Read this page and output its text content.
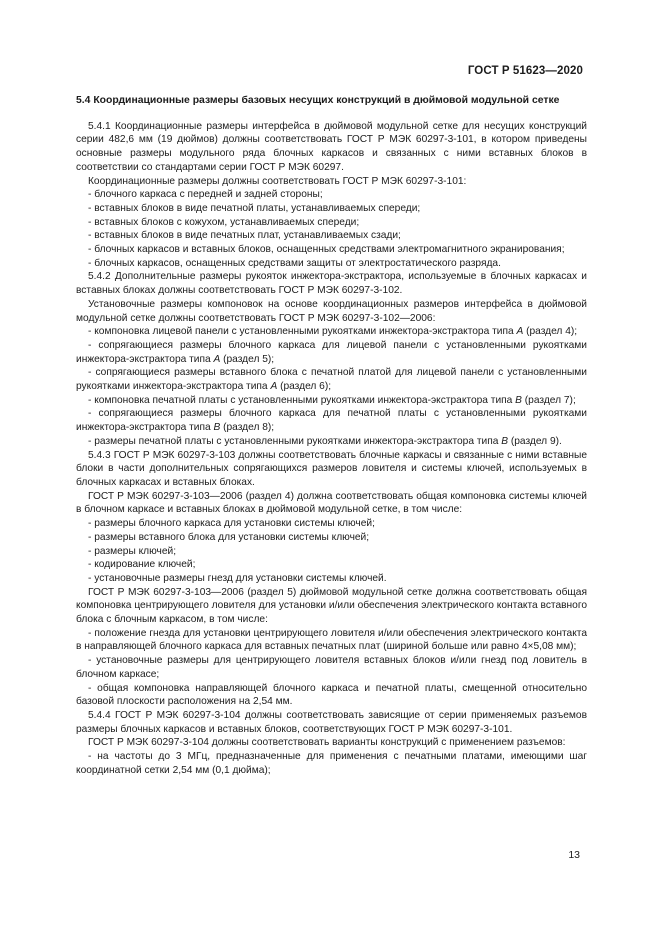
ГОСТ Р 51623—2020
5.4 Координационные размеры базовых несущих конструкций в дюймовой модульной сетке
5.4.1 Координационные размеры интерфейса в дюймовой модульной сетке для несущих конструкций серии 482,6 мм (19 дюймов) должны соответствовать ГОСТ Р МЭК 60297-3-101, в котором приведены основные размеры модульного ряда блочных каркасов и связанных с ними вставных блоков в соответствии со стандартами серии ГОСТ Р МЭК 60297.
Координационные размеры должны соответствовать ГОСТ Р МЭК 60297-3-101:
- блочного каркаса с передней и задней стороны;
- вставных блоков в виде печатной платы, устанавливаемых спереди;
- вставных блоков с кожухом, устанавливаемых спереди;
- вставных блоков в виде печатных плат, устанавливаемых сзади;
- блочных каркасов и вставных блоков, оснащенных средствами электромагнитного экранирования;
- блочных каркасов, оснащенных средствами защиты от электростатического разряда.
5.4.2 Дополнительные размеры рукояток инжектора-экстрактора, используемые в блочных каркасах и вставных блоках должны соответствовать ГОСТ Р МЭК 60297-3-102.
Установочные размеры компоновок на основе координационных размеров интерфейса в дюймовой модульной сетке должны соответствовать ГОСТ Р МЭК 60297-3-102—2006:
- компоновка лицевой панели с установленными рукоятками инжектора-экстрактора типа A (раздел 4);
- сопрягающиеся размеры блочного каркаса для лицевой панели с установленными рукоятками инжектора-экстрактора типа A (раздел 5);
- сопрягающиеся размеры вставного блока с печатной платой для лицевой панели с установленными рукоятками инжектора-экстрактора типа A (раздел 6);
- компоновка печатной платы с установленными рукоятками инжектора-экстрактора типа B (раздел 7);
- сопрягающиеся размеры блочного каркаса для печатной платы с установленными рукоятками инжектора-экстрактора типа B (раздел 8);
- размеры печатной платы с установленными рукоятками инжектора-экстрактора типа B (раздел 9).
5.4.3 ГОСТ Р МЭК 60297-3-103 должны соответствовать блочные каркасы и связанные с ними вставные блоки в части дополнительных сопрягающихся размеров ловителя и системы ключей, используемых в блочных каркасах и вставных блоках.
ГОСТ Р МЭК 60297-3-103—2006 (раздел 4) должна соответствовать общая компоновка системы ключей в блочном каркасе и вставных блоках в дюймовой модульной сетке, в том числе:
- размеры блочного каркаса для установки системы ключей;
- размеры вставного блока для установки системы ключей;
- размеры ключей;
- кодирование ключей;
- установочные размеры гнезд для установки системы ключей.
ГОСТ Р МЭК 60297-3-103—2006 (раздел 5) дюймовой модульной сетке должна соответствовать общая компоновка центрирующего ловителя для установки и/или обеспечения электрического контакта вставного блока с блочным каркасом, в том числе:
- положение гнезда для установки центрирующего ловителя и/или обеспечения электрического контакта в направляющей блочного каркаса для вставных печатных плат (шириной больше или равно 4×5,08 мм);
- установочные размеры для центрирующего ловителя вставных блоков и/или гнезд под ловитель в блочном каркасе;
- общая компоновка направляющей блочного каркаса и печатной платы, смещенной относительно базовой плоскости расположения на 2,54 мм.
5.4.4 ГОСТ Р МЭК 60297-3-104 должны соответствовать зависящие от серии применяемых разъемов размеры блочных каркасов и вставных блоков, соответствующих ГОСТ Р МЭК 60297-3-101.
ГОСТ Р МЭК 60297-3-104 должны соответствовать варианты конструкций с применением разъемов:
- на частоты до 3 МГц, предназначенные для применения с печатными платами, имеющими шаг координатной сетки 2,54 мм (0,1 дюйма);
13
